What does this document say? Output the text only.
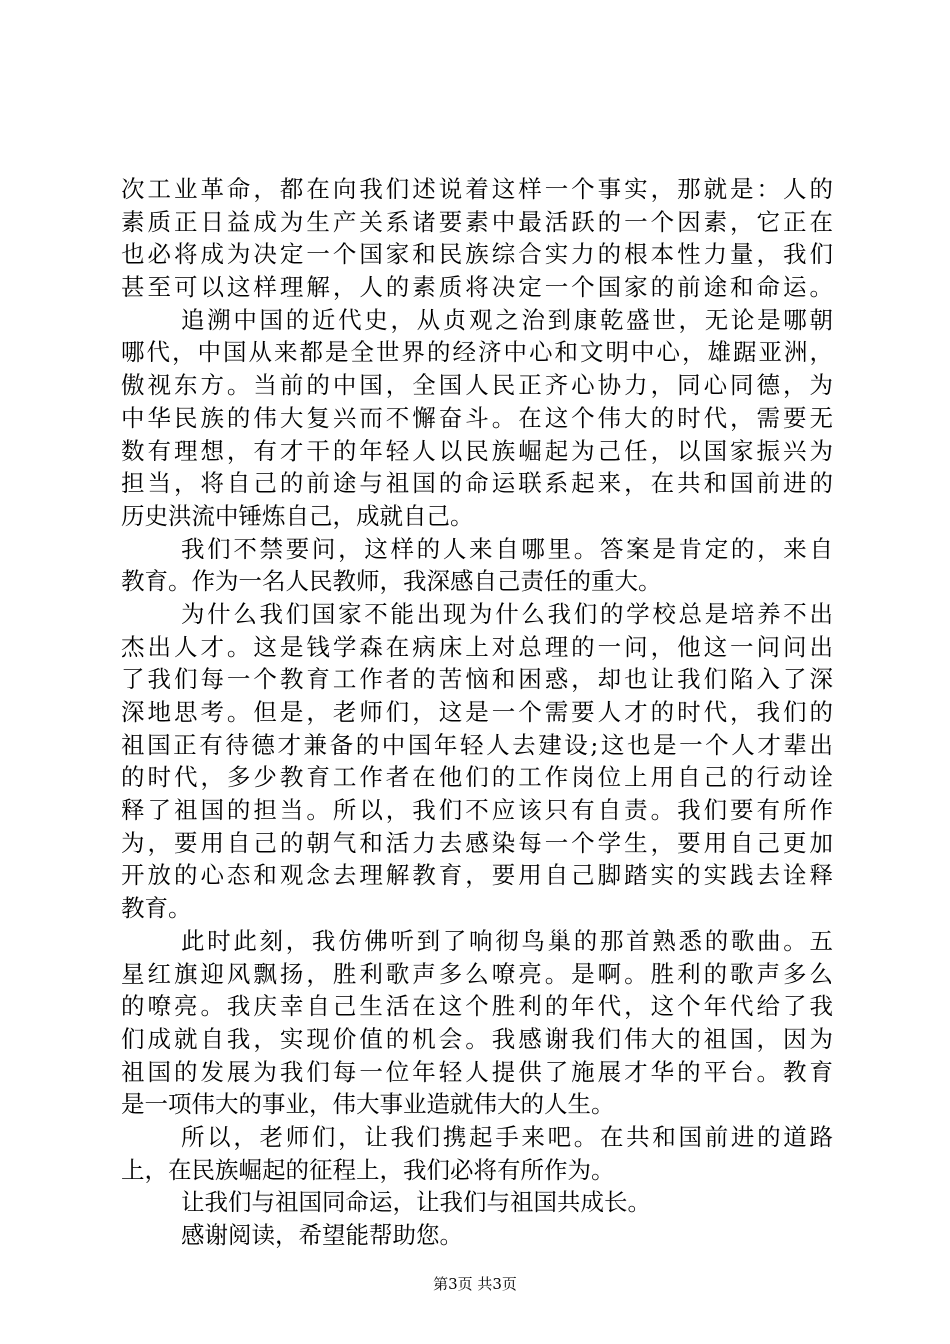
次工业革命，都在向我们述说着这样一个事实，那就是：人的
素质正日益成为生产关系诸要素中最活跃的一个因素，它正在
也必将成为决定一个国家和民族综合实力的根本性力量，我们
甚至可以这样理解，人的素质将决定一个国家的前途和命运。
追溯中国的近代史，从贞观之治到康乾盛世，无论是哪朝
哪代，中国从来都是全世界的经济中心和文明中心，雄踞亚洲，
傲视东方。当前的中国，全国人民正齐心协力，同心同德，为
中华民族的伟大复兴而不懈奋斗。在这个伟大的时代，需要无
数有理想，有才干的年轻人以民族崛起为己任，以国家振兴为
担当，将自己的前途与祖国的命运联系起来，在共和国前进的
历史洪流中锤炼自己，成就自己。
我们不禁要问，这样的人来自哪里。答案是肯定的，来自
教育。作为一名人民教师，我深感自己责任的重大。
为什么我们国家不能出现为什么我们的学校总是培养不出
杰出人才。这是钱学森在病床上对总理的一问，他这一问问出
了我们每一个教育工作者的苦恼和困惑，却也让我们陷入了深
深地思考。但是，老师们，这是一个需要人才的时代，我们的
祖国正有待德才兼备的中国年轻人去建设;这也是一个人才辈出
的时代，多少教育工作者在他们的工作岗位上用自己的行动诠
释了祖国的担当。所以，我们不应该只有自责。我们要有所作
为，要用自己的朝气和活力去感染每一个学生，要用自己更加
开放的心态和观念去理解教育，要用自己脚踏实的实践去诠释
教育。
此时此刻，我仿佛听到了响彻鸟巢的那首熟悉的歌曲。五
星红旗迎风飘扬，胜利歌声多么嘹亮。是啊。胜利的歌声多么
的嘹亮。我庆幸自己生活在这个胜利的年代，这个年代给了我
们成就自我，实现价值的机会。我感谢我们伟大的祖国，因为
祖国的发展为我们每一位年轻人提供了施展才华的平台。教育
是一项伟大的事业，伟大事业造就伟大的人生。
所以，老师们，让我们携起手来吧。在共和国前进的道路
上，在民族崛起的征程上，我们必将有所作为。
让我们与祖国同命运，让我们与祖国共成长。
感谢阅读，希望能帮助您。
第3页 共3页
